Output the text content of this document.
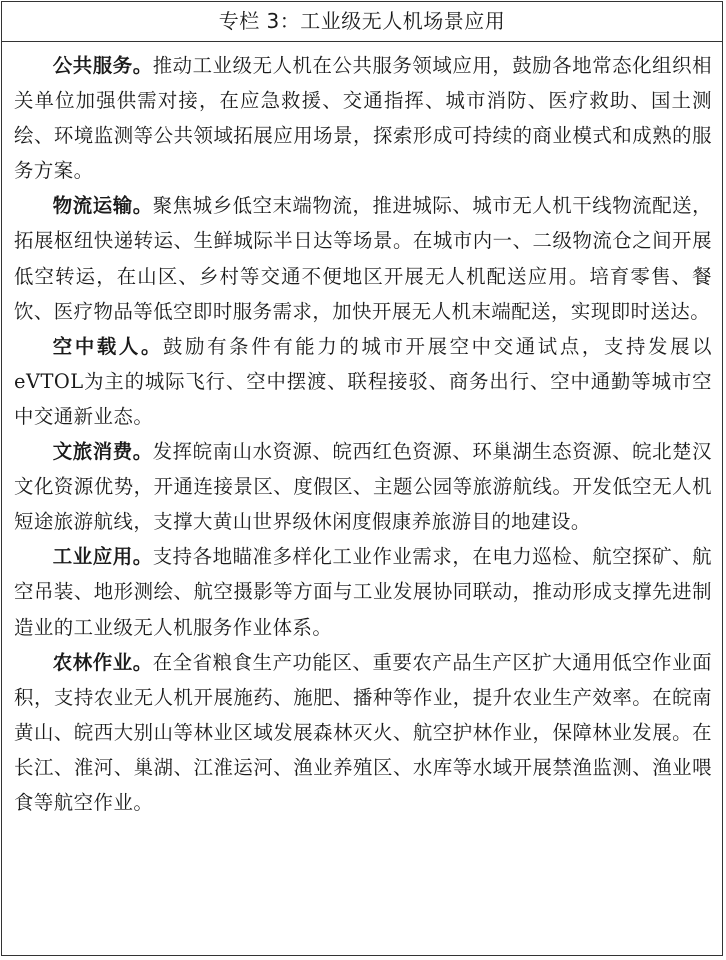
专栏 3：工业级无人机场景应用

公共服务。推动工业级无人机在公共服务领域应用，鼓励各地常态化组织相关单位加强供需对接，在应急救援、交通指挥、城市消防、医疗救助、国土测绘、环境监测等公共领域拓展应用场景，探索形成可持续的商业模式和成熟的服务方案。

物流运输。聚焦城乡低空末端物流，推进城际、城市无人机干线物流配送，拓展枢纽快递转运、生鲜城际半日达等场景。在城市内一、二级物流仓之间开展低空转运，在山区、乡村等交通不便地区开展无人机配送应用。培育零售、餐饮、医疗物品等低空即时服务需求，加快开展无人机末端配送，实现即时送达。

空中载人。鼓励有条件有能力的城市开展空中交通试点，支持发展以eVTOL为主的城际飞行、空中摆渡、联程接驳、商务出行、空中通勤等城市空中交通新业态。

文旅消费。发挥皖南山水资源、皖西红色资源、环巢湖生态资源、皖北楚汉文化资源优势，开通连接景区、度假区、主题公园等旅游航线。开发低空无人机短途旅游航线，支撑大黄山世界级休闲度假康养旅游目的地建设。

工业应用。支持各地瞄准多样化工业作业需求，在电力巡检、航空探矿、航空吊装、地形测绘、航空摄影等方面与工业发展协同联动，推动形成支撑先进制造业的工业级无人机服务作业体系。

农林作业。在全省粮食生产功能区、重要农产品生产区扩大通用低空作业面积，支持农业无人机开展施药、施肥、播种等作业，提升农业生产效率。在皖南黄山、皖西大别山等林业区域发展森林灭火、航空护林作业，保障林业发展。在长江、淮河、巢湖、江淮运河、渔业养殖区、水库等水域开展禁渔监测、渔业喂食等航空作业。
